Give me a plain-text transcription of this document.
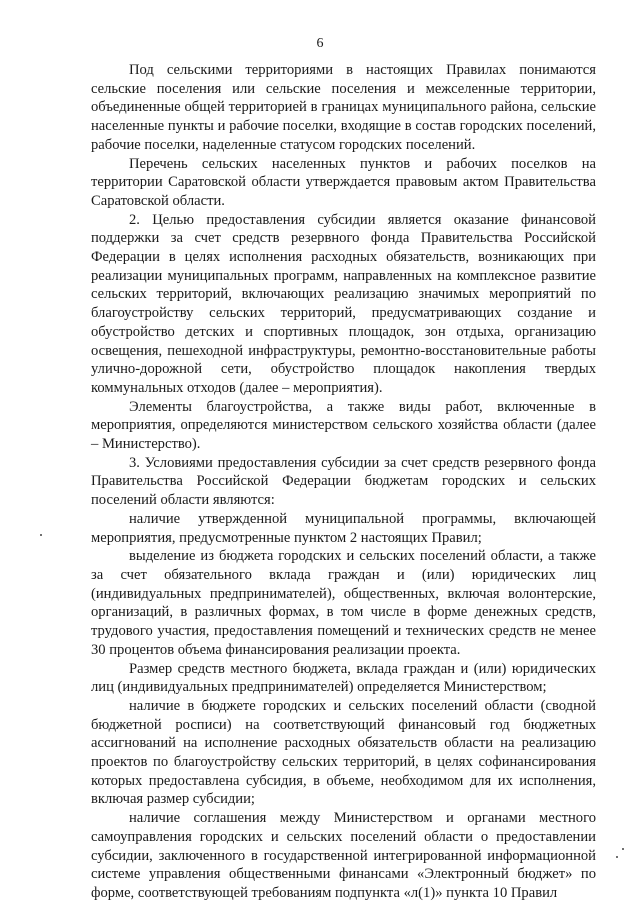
6

Под сельскими территориями в настоящих Правилах понимаются сельские поселения или сельские поселения и межселенные территории, объединенные общей территорией в границах муниципального района, сельские населенные пункты и рабочие поселки, входящие в состав городских поселений, рабочие поселки, наделенные статусом городских поселений.

Перечень сельских населенных пунктов и рабочих поселков на территории Саратовской области утверждается правовым актом Правительства Саратовской области.

2. Целью предоставления субсидии является оказание финансовой поддержки за счет средств резервного фонда Правительства Российской Федерации в целях исполнения расходных обязательств, возникающих при реализации муниципальных программ, направленных на комплексное развитие сельских территорий, включающих реализацию значимых мероприятий по благоустройству сельских территорий, предусматривающих создание и обустройство детских и спортивных площадок, зон отдыха, организацию освещения, пешеходной инфраструктуры, ремонтно-восстановительные работы улично-дорожной сети, обустройство площадок накопления твердых коммунальных отходов (далее – мероприятия).

Элементы благоустройства, а также виды работ, включенные в мероприятия, определяются министерством сельского хозяйства области (далее – Министерство).

3. Условиями предоставления субсидии за счет средств резервного фонда Правительства Российской Федерации бюджетам городских и сельских поселений области являются:

наличие утвержденной муниципальной программы, включающей мероприятия, предусмотренные пунктом 2 настоящих Правил;

выделение из бюджета городских и сельских поселений области, а также за счет обязательного вклада граждан и (или) юридических лиц (индивидуальных предпринимателей), общественных, включая волонтерские, организаций, в различных формах, в том числе в форме денежных средств, трудового участия, предоставления помещений и технических средств не менее 30 процентов объема финансирования реализации проекта.

Размер средств местного бюджета, вклада граждан и (или) юридических лиц (индивидуальных предпринимателей) определяется Министерством;

наличие в бюджете городских и сельских поселений области (сводной бюджетной росписи) на соответствующий финансовый год бюджетных ассигнований на исполнение расходных обязательств области на реализацию проектов по благоустройству сельских территорий, в целях софинансирования которых предоставлена субсидия, в объеме, необходимом для их исполнения, включая размер субсидии;

наличие соглашения между Министерством и органами местного самоуправления городских и сельских поселений области о предоставлении субсидии, заключенного в государственной интегрированной информационной системе управления общественными финансами «Электронный бюджет» по форме, соответствующей требованиям подпункта «л(1)» пункта 10 Правил
